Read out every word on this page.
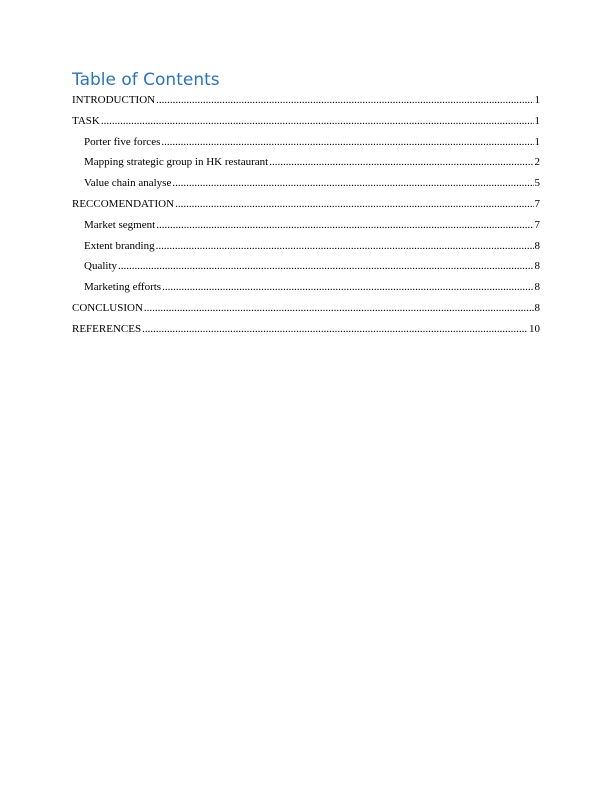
Table of Contents
INTRODUCTION .....	1
TASK .....	1
Porter five forces .....	1
Mapping strategic group in HK restaurant .....	2
Value chain analyse .....	5
RECCOMENDATION .....	7
Market segment .....	7
Extent branding .....	8
Quality .....	8
Marketing efforts .....	8
CONCLUSION .....	8
REFERENCES .....	10
